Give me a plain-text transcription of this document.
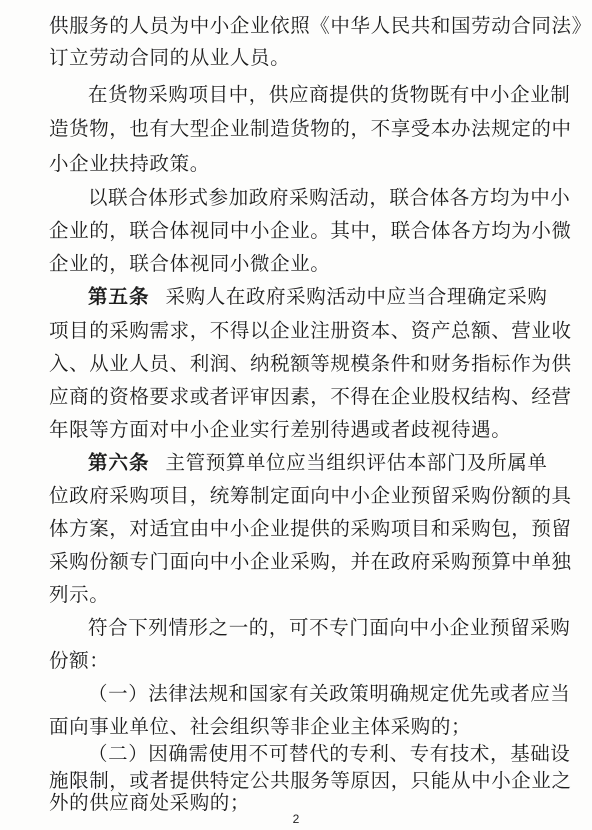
供服务的人员为中小企业依照《中华人民共和国劳动合同法》
订立劳动合同的从业人员。
在货物采购项目中，供应商提供的货物既有中小企业制
造货物，也有大型企业制造货物的，不享受本办法规定的中
小企业扶持政策。
以联合体形式参加政府采购活动，联合体各方均为中小
企业的，联合体视同中小企业。其中，联合体各方均为小微
企业的，联合体视同小微企业。
第五条 采购人在政府采购活动中应当合理确定采购
项目的采购需求，不得以企业注册资本、资产总额、营业收
入、从业人员、利润、纳税额等规模条件和财务指标作为供
应商的资格要求或者评审因素，不得在企业股权结构、经营
年限等方面对中小企业实行差别待遇或者歧视待遇。
第六条 主管预算单位应当组织评估本部门及所属单
位政府采购项目，统筹制定面向中小企业预留采购份额的具
体方案，对适宜由中小企业提供的采购项目和采购包，预留
采购份额专门面向中小企业采购，并在政府采购预算中单独
列示。
符合下列情形之一的，可不专门面向中小企业预留采购
份额：
（一）法律法规和国家有关政策明确规定优先或者应当
面向事业单位、社会组织等非企业主体采购的；
（二）因确需使用不可替代的专利、专有技术，基础设
施限制，或者提供特定公共服务等原因，只能从中小企业之
2
外的供应商处采购的；
